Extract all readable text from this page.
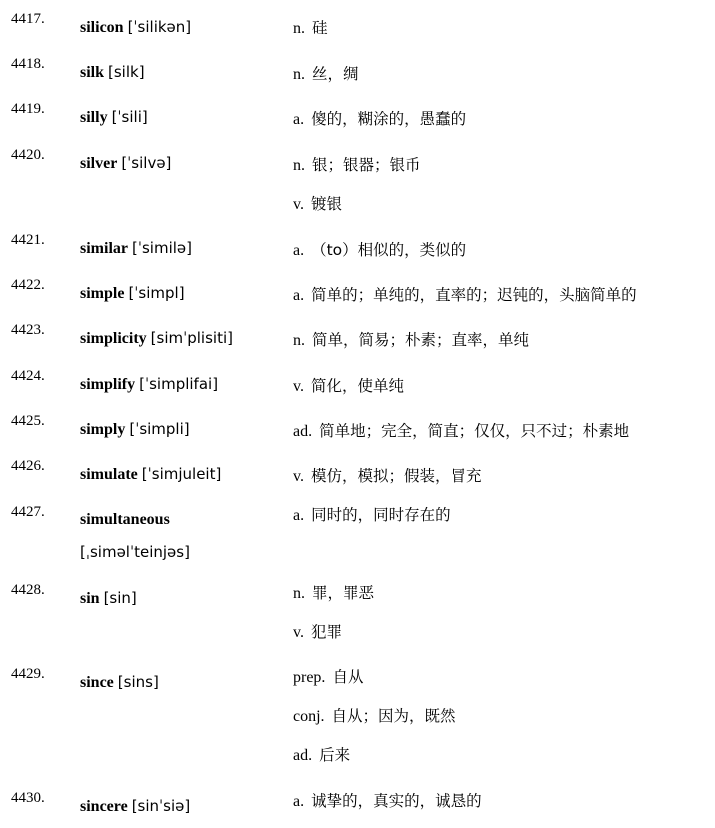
4417. silicon [ˈsilikən]	n. 硅
4418. silk [silk]	n. 丝，绸
4419. silly [ˈsili]	a. 傻的，糊涂的，愚蠢的
4420. silver [ˈsilvə]	n. 银；银器；银币
v. 镀银
4421. similar [ˈsimilə]	a. （to）相似的，类似的
4422. simple [ˈsimpl]	a. 简单的；单纯的，直率的；迟钝的，头脑简单的
4423. simplicity [simˈplisiti]	n. 简单，简易；朴素；直率，单纯
4424. simplify [ˈsimplifai]	v. 简化，使单纯
4425. simply [ˈsimpli]	ad. 简单地；完全，简直；仅仅，只不过；朴素地
4426. simulate [ˈsimjuleit]	v. 模仿，模拟；假装，冒充
4427. simultaneous
[ˌsiməlˈteinjəs]
a. 同时的，同时存在的
4428. sin [sin]	n. 罪，罪恶
v. 犯罪
4429. since [sins]	prep. 自从
conj. 自从；因为，既然
ad. 后来
4430. sincere [sinˈsiə]	a. 诚挚的，真实的，诚恳的
